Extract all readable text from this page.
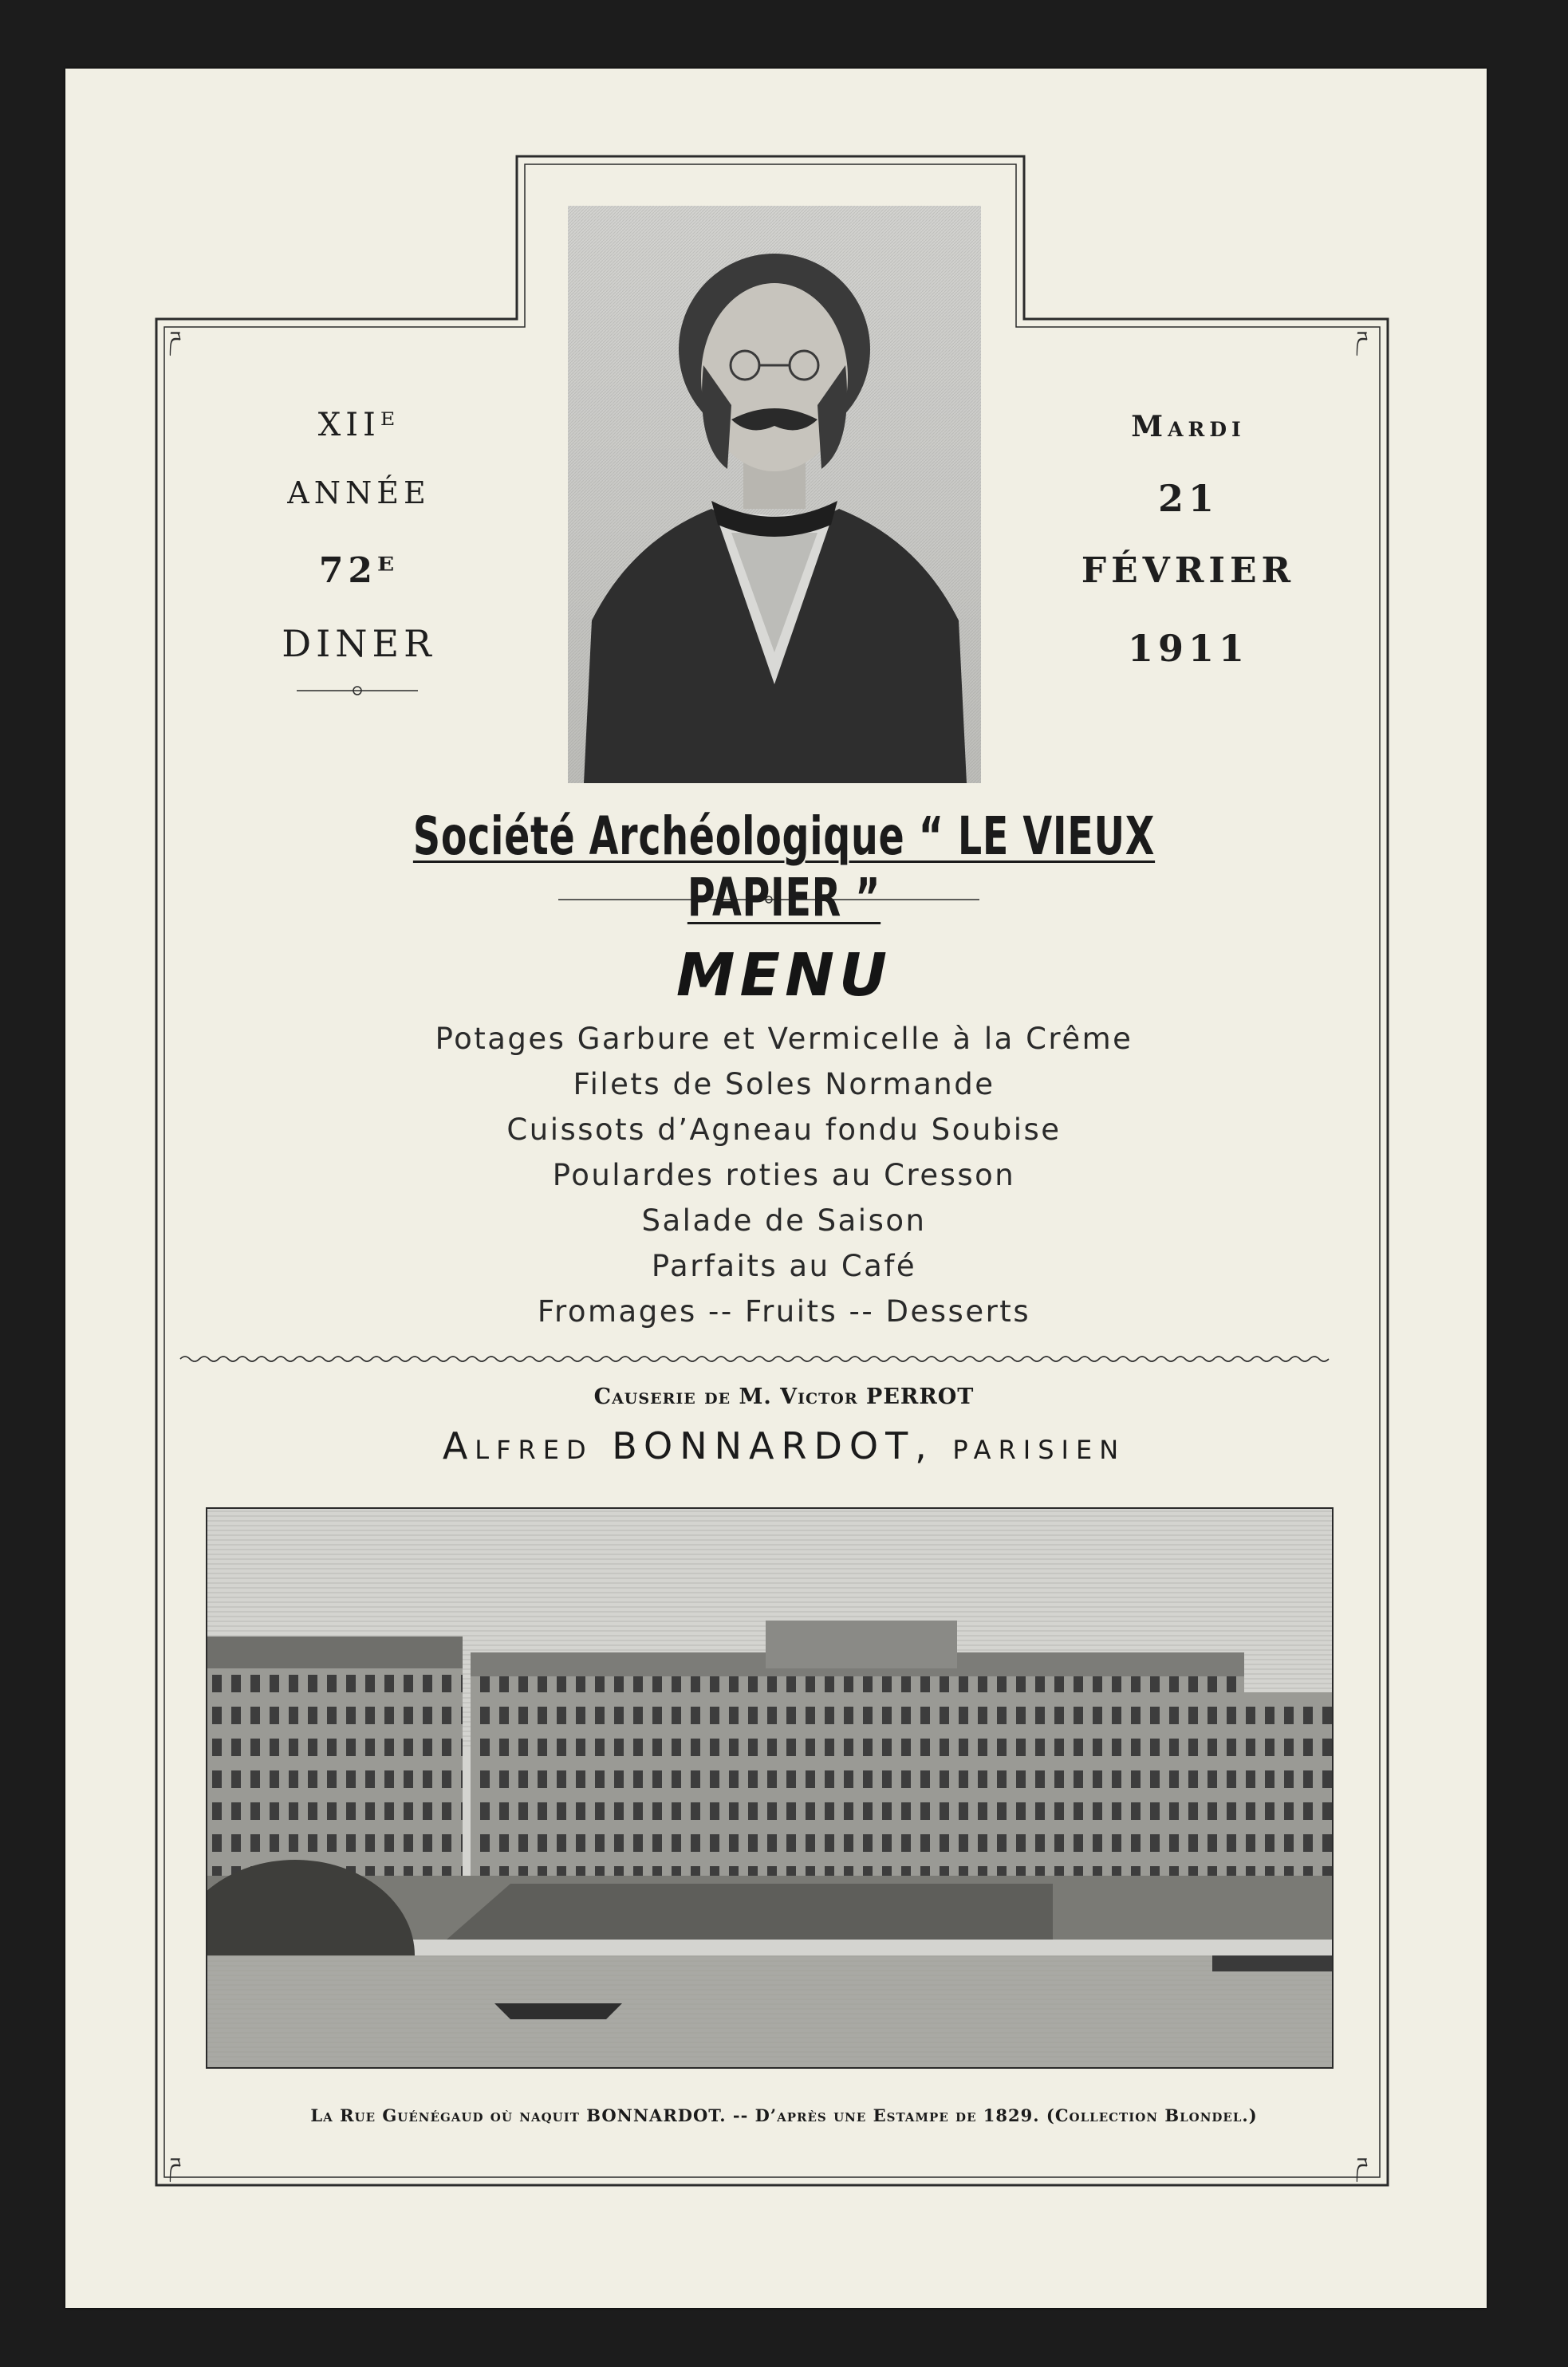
ཌ	ཌ
ཌ	ཌ
XIIᴱ
ANNÉE
72ᴱ
DINER
Mardi
21
FÉVRIER
1911
Société Archéologique “ LE VIEUX PAPIER ”
MENU
Potages Garbure et Vermicelle à la Crême
Filets de Soles Normande
Cuissots d’Agneau fondu Soubise
Poulardes roties au Cresson
Salade de Saison
Parfaits au Café
Fromages -- Fruits -- Desserts
Causerie de M. Victor PERROT
Alfred BONNARDOT, parisien
La Rue Guénégaud où naquit BONNARDOT. -- D’après une Estampe de 1829. (Collection Blondel.)
